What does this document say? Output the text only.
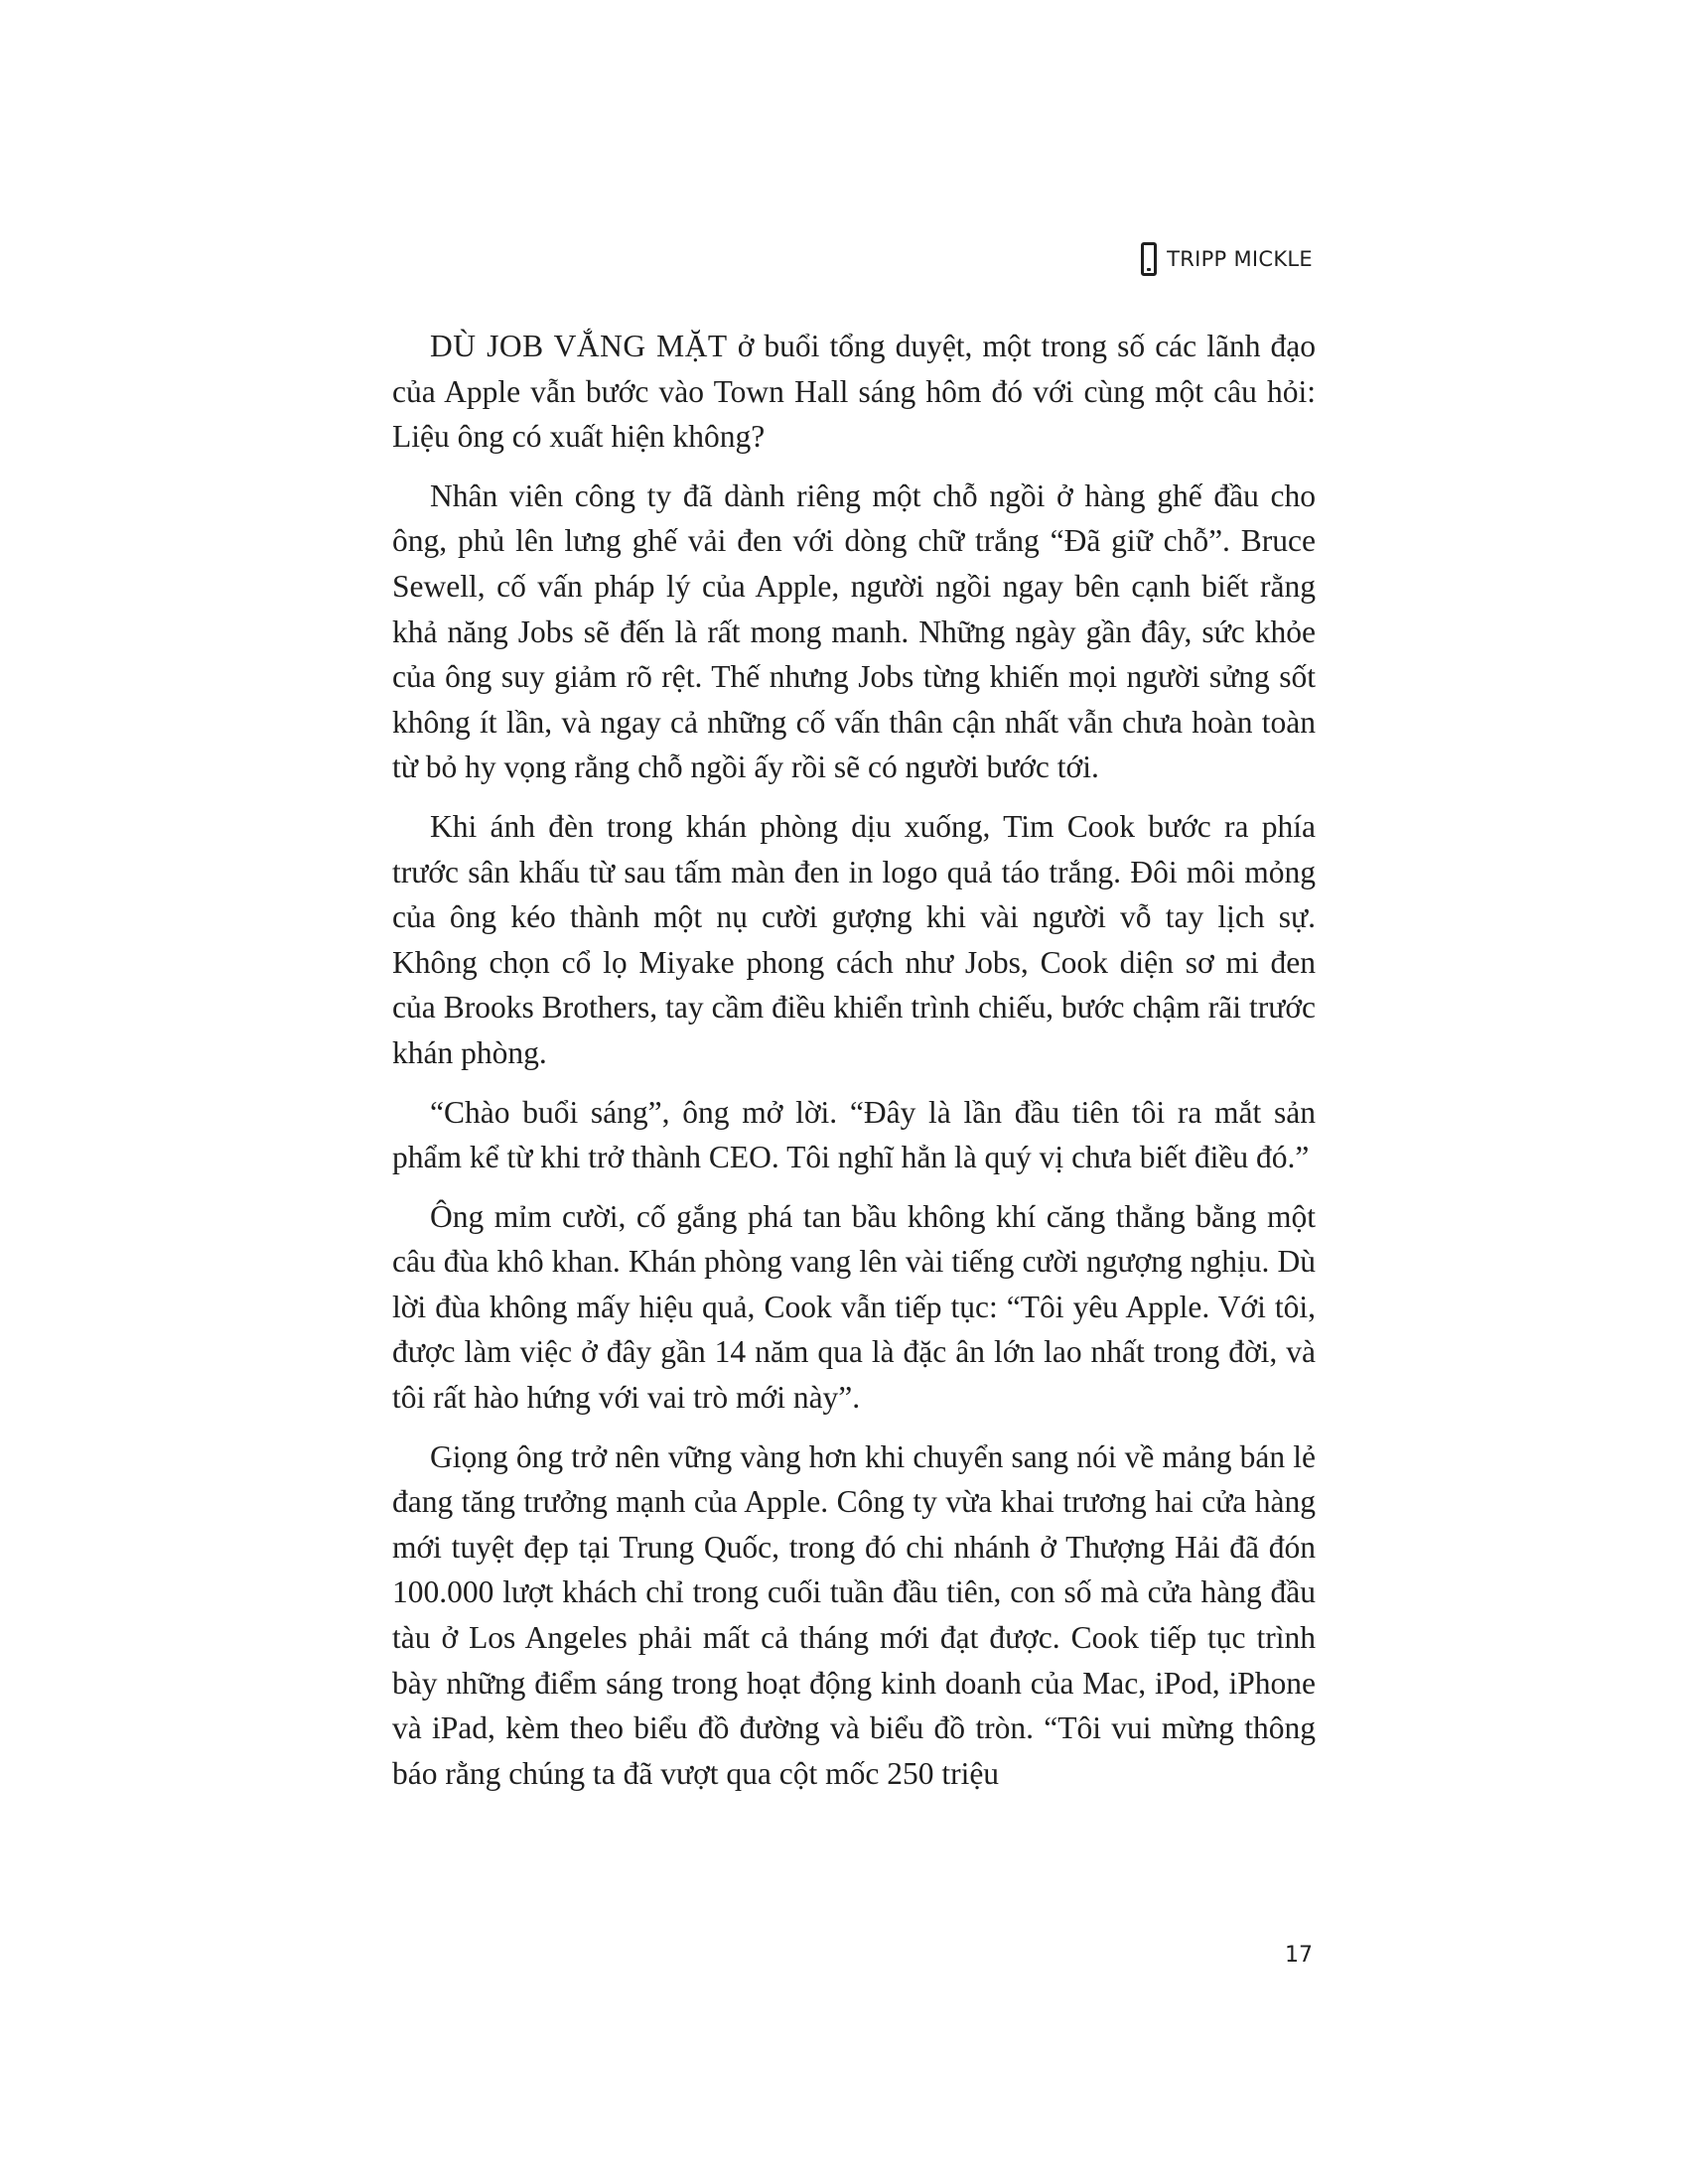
TRIPP MICKLE

DÙ JOB VẮNG MẶT ở buổi tổng duyệt, một trong số các lãnh đạo của Apple vẫn bước vào Town Hall sáng hôm đó với cùng một câu hỏi: Liệu ông có xuất hiện không?

Nhân viên công ty đã dành riêng một chỗ ngồi ở hàng ghế đầu cho ông, phủ lên lưng ghế vải đen với dòng chữ trắng “Đã giữ chỗ”. Bruce Sewell, cố vấn pháp lý của Apple, người ngồi ngay bên cạnh biết rằng khả năng Jobs sẽ đến là rất mong manh. Những ngày gần đây, sức khỏe của ông suy giảm rõ rệt. Thế nhưng Jobs từng khiến mọi người sửng sốt không ít lần, và ngay cả những cố vấn thân cận nhất vẫn chưa hoàn toàn từ bỏ hy vọng rằng chỗ ngồi ấy rồi sẽ có người bước tới.

Khi ánh đèn trong khán phòng dịu xuống, Tim Cook bước ra phía trước sân khấu từ sau tấm màn đen in logo quả táo trắng. Đôi môi mỏng của ông kéo thành một nụ cười gượng khi vài người vỗ tay lịch sự. Không chọn cổ lọ Miyake phong cách như Jobs, Cook diện sơ mi đen của Brooks Brothers, tay cầm điều khiển trình chiếu, bước chậm rãi trước khán phòng.

“Chào buổi sáng”, ông mở lời. “Đây là lần đầu tiên tôi ra mắt sản phẩm kể từ khi trở thành CEO. Tôi nghĩ hẳn là quý vị chưa biết điều đó.”

Ông mỉm cười, cố gắng phá tan bầu không khí căng thẳng bằng một câu đùa khô khan. Khán phòng vang lên vài tiếng cười ngượng nghịu. Dù lời đùa không mấy hiệu quả, Cook vẫn tiếp tục: “Tôi yêu Apple. Với tôi, được làm việc ở đây gần 14 năm qua là đặc ân lớn lao nhất trong đời, và tôi rất hào hứng với vai trò mới này”.

Giọng ông trở nên vững vàng hơn khi chuyển sang nói về mảng bán lẻ đang tăng trưởng mạnh của Apple. Công ty vừa khai trương hai cửa hàng mới tuyệt đẹp tại Trung Quốc, trong đó chi nhánh ở Thượng Hải đã đón 100.000 lượt khách chỉ trong cuối tuần đầu tiên, con số mà cửa hàng đầu tàu ở Los Angeles phải mất cả tháng mới đạt được. Cook tiếp tục trình bày những điểm sáng trong hoạt động kinh doanh của Mac, iPod, iPhone và iPad, kèm theo biểu đồ đường và biểu đồ tròn. “Tôi vui mừng thông báo rằng chúng ta đã vượt qua cột mốc 250 triệu

17
